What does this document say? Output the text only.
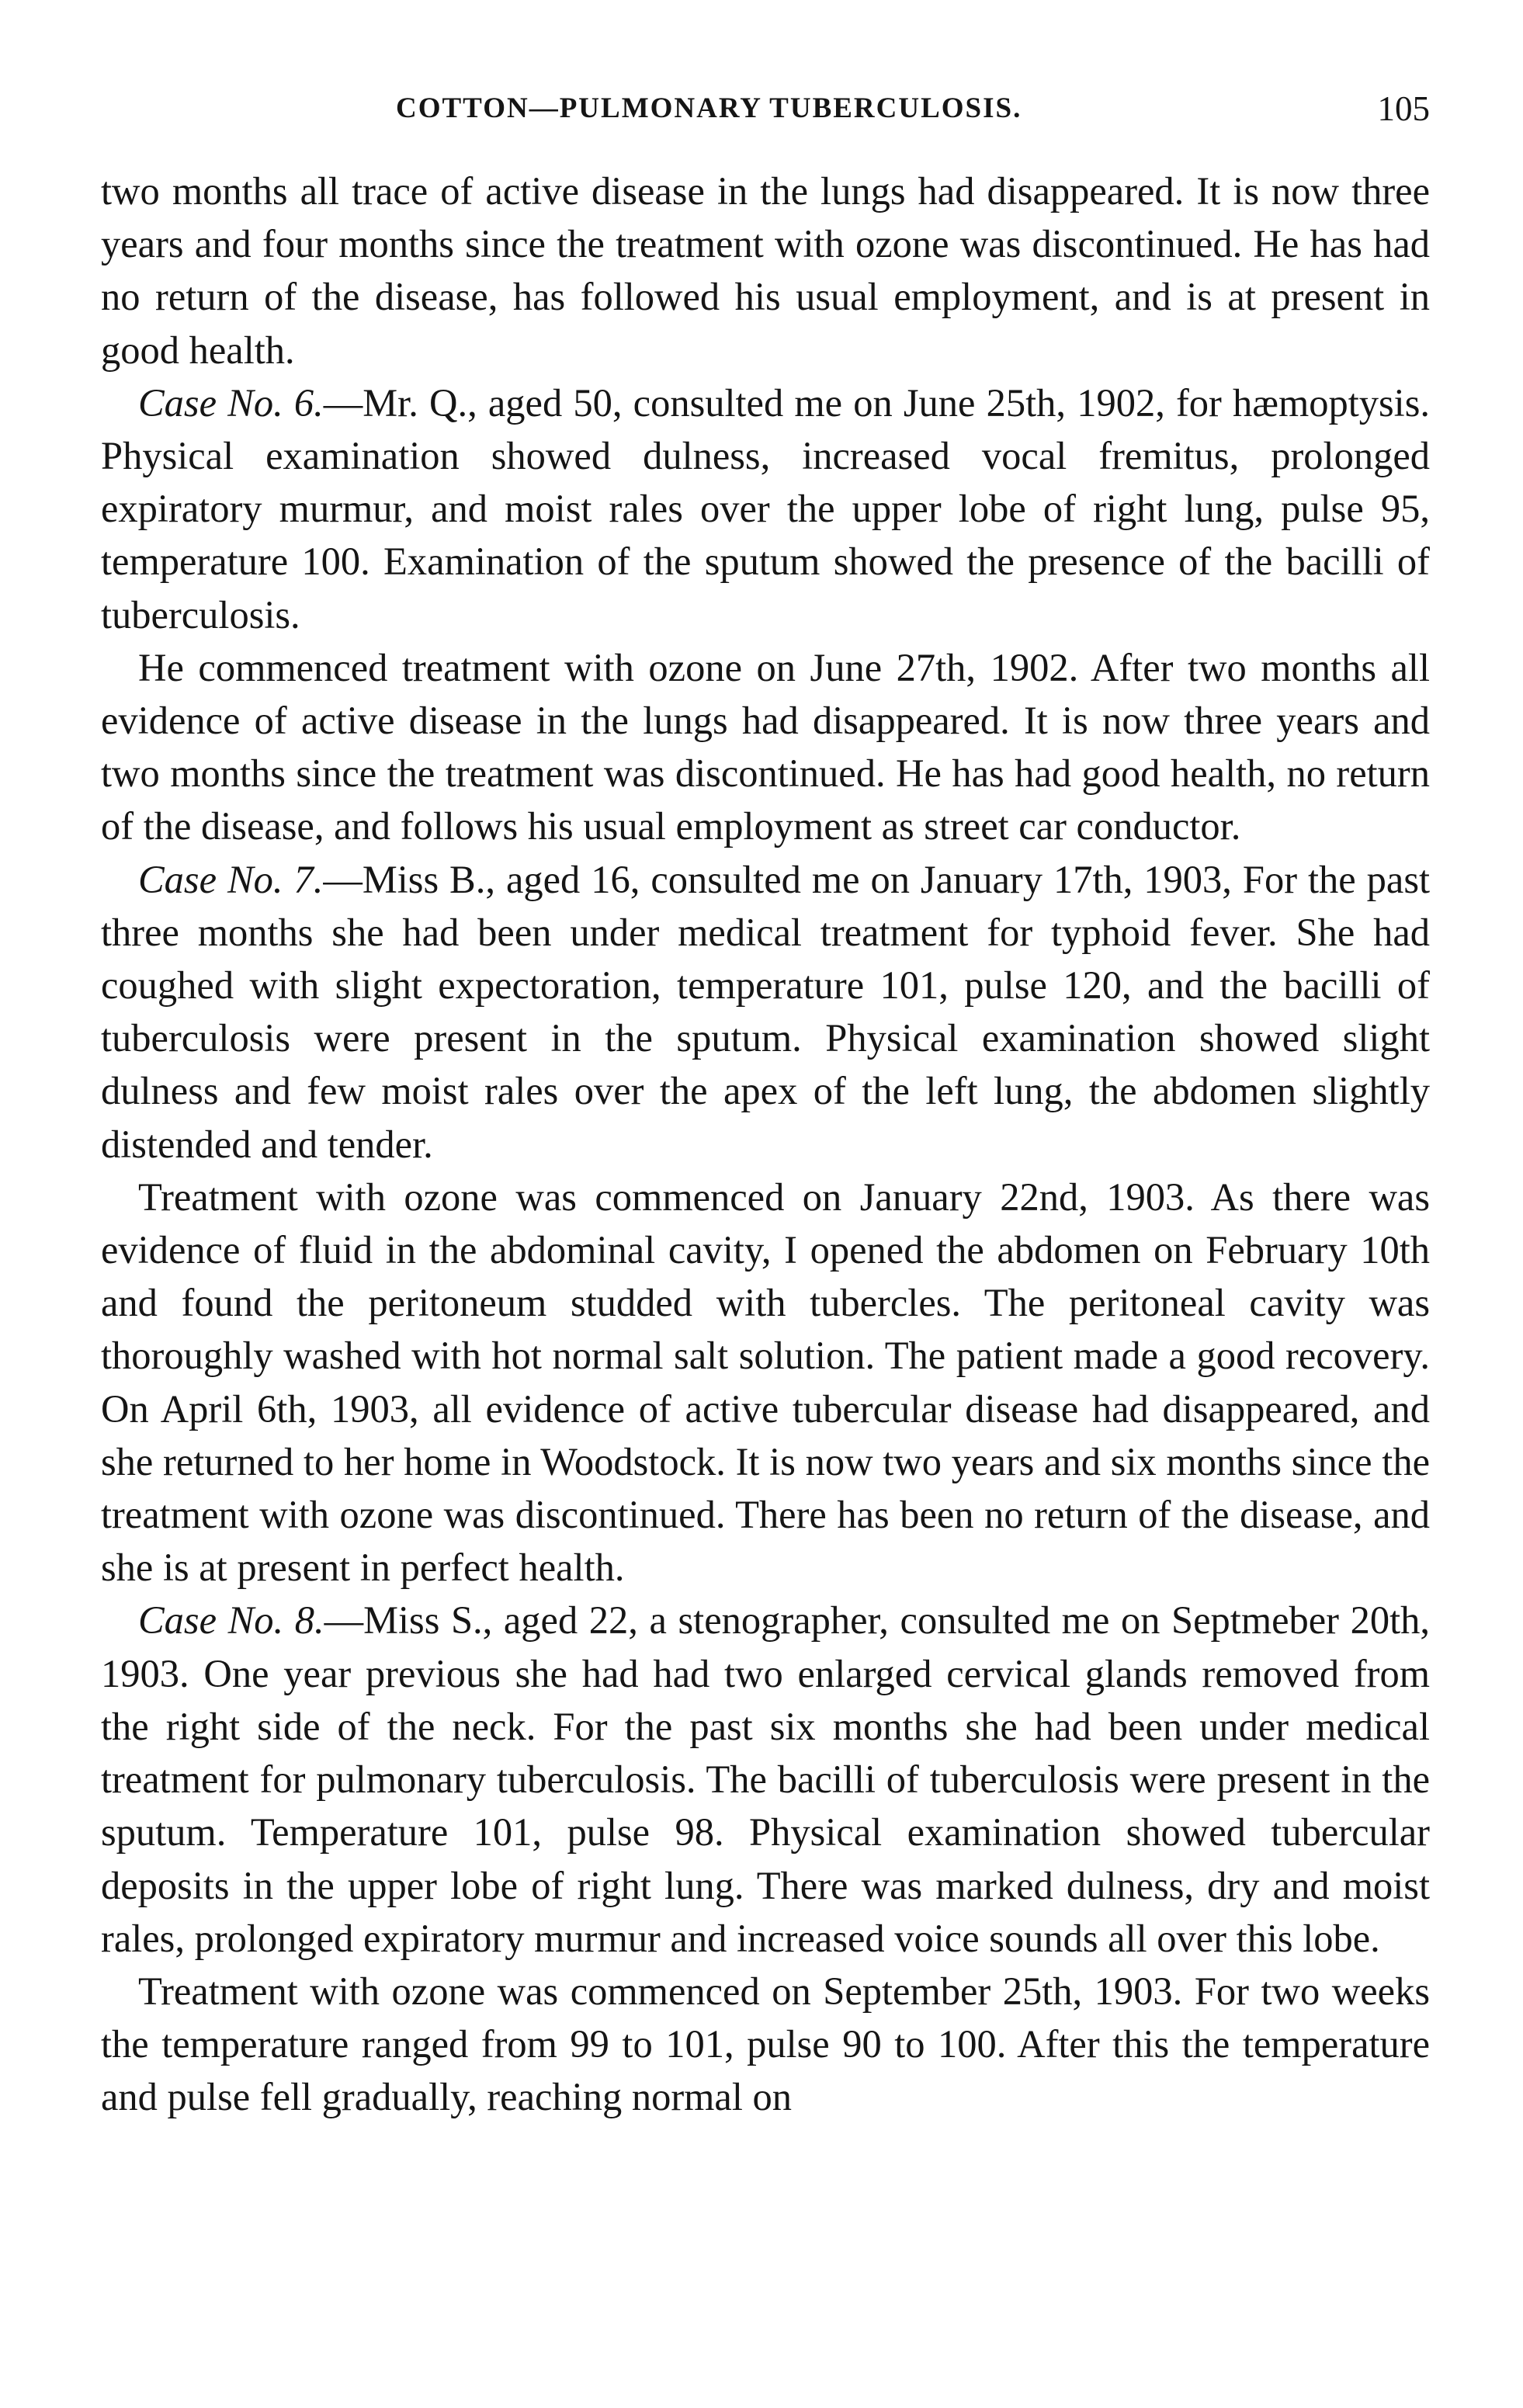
COTTON—PULMONARY TUBERCULOSIS.	105

two months all trace of active disease in the lungs had disappeared. It is now three years and four months since the treatment with ozone was discontinued. He has had no return of the disease, has followed his usual employment, and is at present in good health.

Case No. 6.—Mr. Q., aged 50, consulted me on June 25th, 1902, for hæmoptysis. Physical examination showed dulness, increased vocal fremitus, prolonged expiratory murmur, and moist rales over the upper lobe of right lung, pulse 95, temperature 100. Examination of the sputum showed the presence of the bacilli of tuberculosis.

He commenced treatment with ozone on June 27th, 1902. After two months all evidence of active disease in the lungs had disappeared. It is now three years and two months since the treatment was discontinued. He has had good health, no return of the disease, and follows his usual employment as street car conductor.

Case No. 7.—Miss B., aged 16, consulted me on January 17th, 1903, For the past three months she had been under medical treatment for typhoid fever. She had coughed with slight expectoration, temperature 101, pulse 120, and the bacilli of tuberculosis were present in the sputum. Physical examination showed slight dulness and few moist rales over the apex of the left lung, the abdomen slightly distended and tender.

Treatment with ozone was commenced on January 22nd, 1903. As there was evidence of fluid in the abdominal cavity, I opened the abdomen on February 10th and found the peritoneum studded with tubercles. The peritoneal cavity was thoroughly washed with hot normal salt solution. The patient made a good recovery. On April 6th, 1903, all evidence of active tubercular disease had disappeared, and she returned to her home in Woodstock. It is now two years and six months since the treatment with ozone was discontinued. There has been no return of the disease, and she is at present in perfect health.

Case No. 8.—Miss S., aged 22, a stenographer, consulted me on Septmeber 20th, 1903. One year previous she had had two enlarged cervical glands removed from the right side of the neck. For the past six months she had been under medical treatment for pulmonary tuberculosis. The bacilli of tuberculosis were present in the sputum. Temperature 101, pulse 98. Physical examination showed tubercular deposits in the upper lobe of right lung. There was marked dulness, dry and moist rales, prolonged expiratory murmur and increased voice sounds all over this lobe.

Treatment with ozone was commenced on September 25th, 1903. For two weeks the temperature ranged from 99 to 101, pulse 90 to 100. After this the temperature and pulse fell gradually, reaching normal on
